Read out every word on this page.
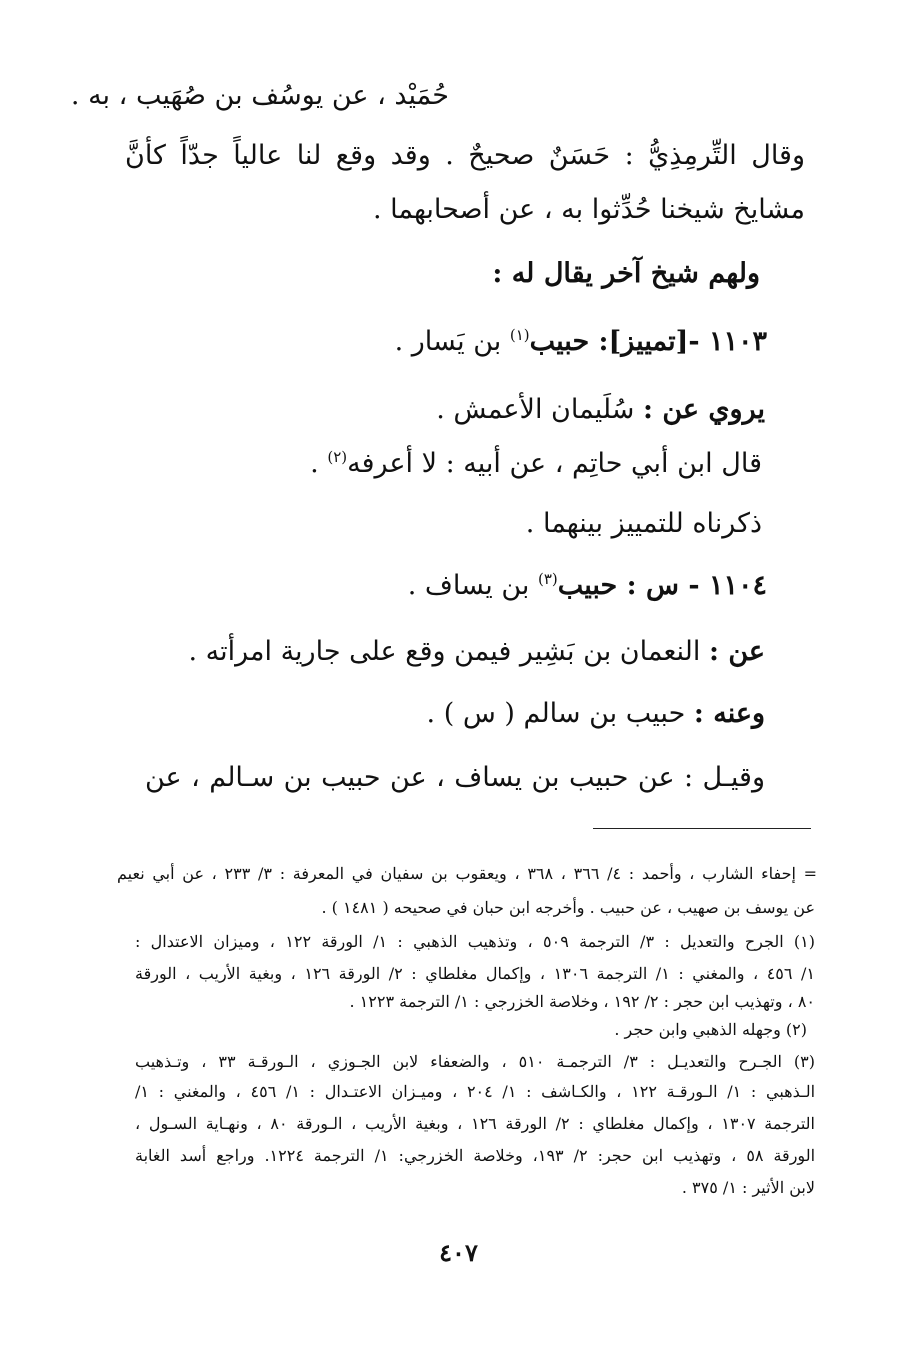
حُمَيْد ، عن يوسُف بن صُهَيب ، به .
وقال التِّرمِذِيُّ : حَسَنٌ صحيحٌ . وقد وقع لنا عالياً جدّاً كأنَّ
مشايخ شيخنا حُدِّثوا به ، عن أصحابهما .
ولهم شيخ آخر يقال له :
١١٠٣ -[تمييز]: حبيب$^{(١)}$ بن يَسار .
يروي عن : سُلَيمان الأعمش .
قال ابن أبي حاتِم ، عن أبيه : لا أعرفه$^{(٢)}$ .
ذكرناه للتمييز بينهما .
١١٠٤ - س : حبيب$^{(٣)}$ بن يساف .
عن : النعمان بن بَشِير فيمن وقع على جارية امرأته .
وعنه : حبيب بن سالم ( س ) .
وقيـل : عن حبيب بن يساف ، عن حبيب بن سـالم ، عن
= إحفاء الشارب ، وأحمد : ٤/ ٣٦٦ ، ٣٦٨ ، ويعقوب بن سفيان في المعرفة : ٣/ ٢٣٣ ، عن أبي نعيم
عن يوسف بن صهيب ، عن حبيب . وأخرجه ابن حبان في صحيحه ( ١٤٨١ ) .
(١) الجرح والتعديل : ٣/ الترجمة ٥٠٩ ، وتذهيب الذهبي : ١/ الورقة ١٢٢ ، وميزان الاعتدال :
١/ ٤٥٦ ، والمغني : ١/ الترجمة ١٣٠٦ ، وإكمال مغلطاي : ٢/ الورقة ١٢٦ ، وبغية الأريب ، الورقة
٨٠ ، وتهذيب ابن حجر : ٢/ ١٩٢ ، وخلاصة الخزرجي : ١/ الترجمة ١٢٢٣ .
(٢) وجهله الذهبي وابن حجر .
(٣) الجـرح والتعديـل : ٣/ الترجمـة ٥١٠ ، والضعفاء لابن الجـوزي ، الـورقـة ٣٣ ، وتـذهيب
الـذهبي : ١/ الـورقـة ١٢٢ ، والكـاشف : ١/ ٢٠٤ ، وميـزان الاعتـدال : ١/ ٤٥٦ ، والمغني : ١/
الترجمة ١٣٠٧ ، وإكمال مغلطاي : ٢/ الورقة ١٢٦ ، وبغية الأريب ، الـورقة ٨٠ ، ونهـاية السـول ،
الورقة ٥٨ ، وتهذيب ابن حجر: ٢/ ١٩٣، وخلاصة الخزرجي: ١/ الترجمة ١٢٢٤. وراجع أسد الغابة
لابن الأثير : ١/ ٣٧٥ .
٤٠٧
